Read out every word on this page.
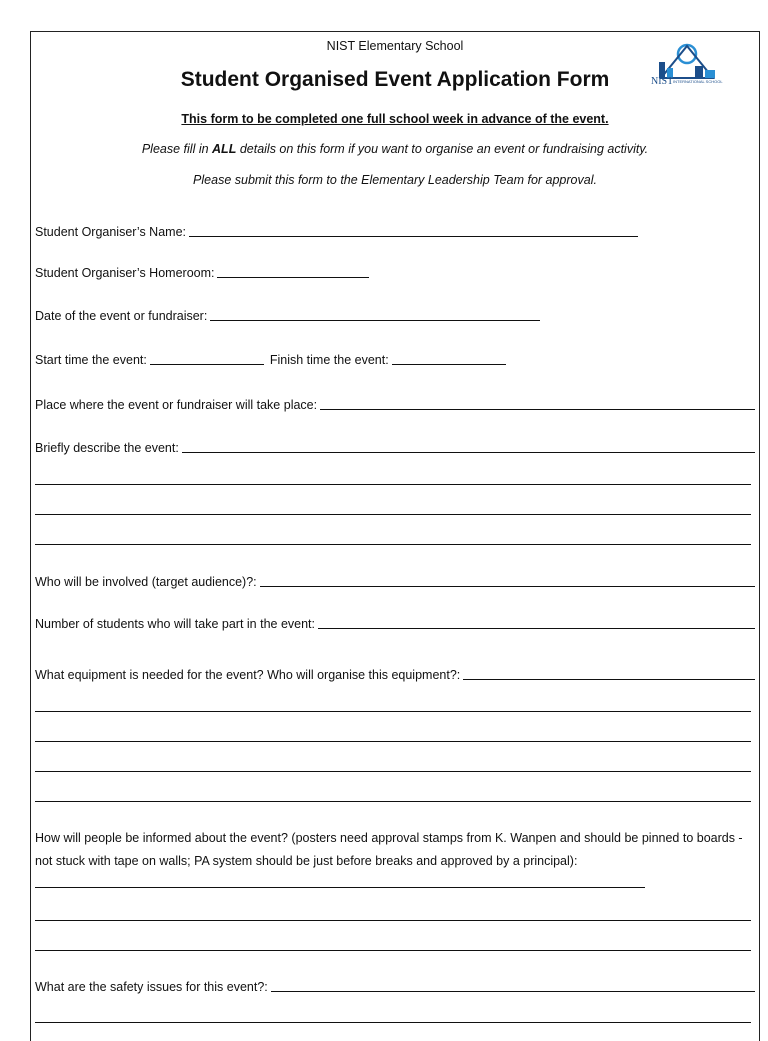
NIST Elementary School
Student Organised Event Application Form	NIST INTERNATIONAL SCHOOL
This form to be completed one full school week in advance of the event.
Please fill in ALL details on this form if you want to organise an event or fundraising activity.
Please submit this form to the Elementary Leadership Team for approval.
Student Organiser’s Name:
Student Organiser’s Homeroom:
Date of the event or fundraiser:
Start time the event:	Finish time the event:
Place where the event or fundraiser will take place:
Briefly describe the event:
Who will be involved (target audience)?:
Number of students who will take part in the event:
What equipment is needed for the event? Who will organise this equipment?:
How will people be informed about the event? (posters need approval stamps from K. Wanpen and should be pinned to boards - not stuck with tape on walls; PA system should be just before breaks and approved by a principal):
What are the safety issues for this event?:
